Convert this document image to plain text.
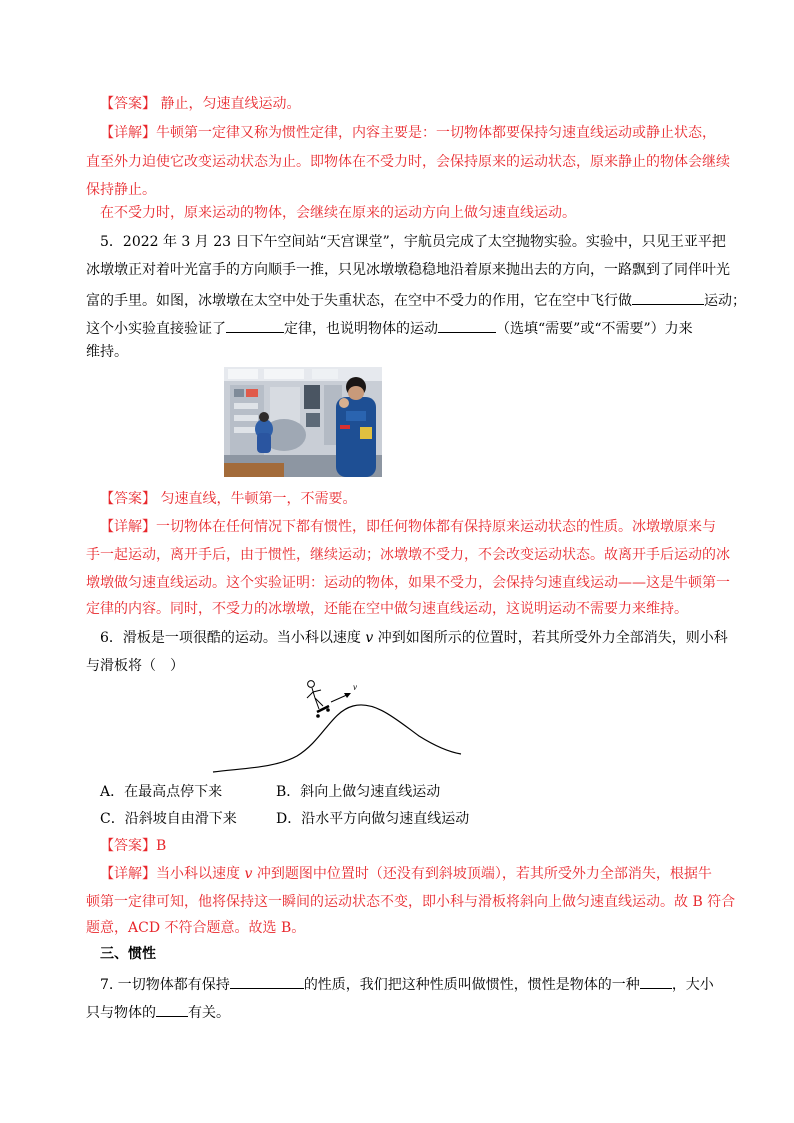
【答案】 静止，匀速直线运动。
【详解】牛顿第一定律又称为惯性定律，内容主要是：一切物体都要保持匀速直线运动或静止状态，
直至外力迫使它改变运动状态为止。即物体在不受力时，会保持原来的运动状态，原来静止的物体会继续
保持静止。
在不受力时，原来运动的物体，会继续在原来的运动方向上做匀速直线运动。
5．2022 年 3 月 23 日下午空间站“天宫课堂”，宇航员完成了太空抛物实验。实验中，只见王亚平把
冰墩墩正对着叶光富手的方向顺手一推，只见冰墩墩稳稳地沿着原来抛出去的方向，一路飘到了同伴叶光
富的手里。如图，冰墩墩在太空中处于失重状态，在空中不受力的作用，它在空中飞行做	运动；
这个小实验直接验证了	定律，也说明物体的运动	（选填“需要”或“不需要”）力来
维持。
【答案】 匀速直线，牛顿第一，不需要。
【详解】一切物体在任何情况下都有惯性，即任何物体都有保持原来运动状态的性质。冰墩墩原来与
手一起运动，离开手后，由于惯性，继续运动；冰墩墩不受力，不会改变运动状态。故离开手后运动的冰
墩墩做匀速直线运动。这个实验证明：运动的物体，如果不受力，会保持匀速直线运动——这是牛顿第一
定律的内容。同时，不受力的冰墩墩，还能在空中做匀速直线运动，这说明运动不需要力来维持。
6．滑板是一项很酷的运动。当小科以速度 v 冲到如图所示的位置时，若其所受外力全部消失，则小科
与滑板将（　）
v
A．在最高点停下来	B．斜向上做匀速直线运动
C．沿斜坡自由滑下来	D．沿水平方向做匀速直线运动
【答案】B
【详解】当小科以速度 v 冲到题图中位置时（还没有到斜坡顶端），若其所受外力全部消失，根据牛
顿第一定律可知，他将保持这一瞬间的运动状态不变，即小科与滑板将斜向上做匀速直线运动。故 B 符合
题意，ACD 不符合题意。故选 B。
三、惯性
7. 一切物体都有保持	的性质，我们把这种性质叫做惯性，惯性是物体的一种 ，大小
只与物体的 有关。
